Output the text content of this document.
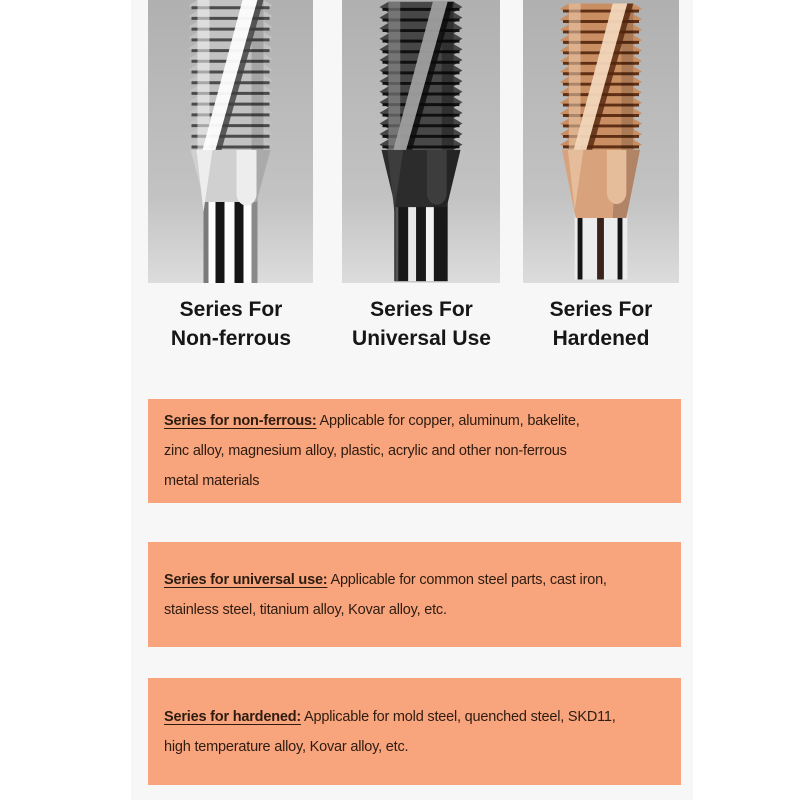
Series For
Non-ferrous
Series For
Universal Use
Series For
Hardened

Series for non-ferrous: Applicable for copper, aluminum, bakelite,

zinc alloy, magnesium alloy, plastic, acrylic and other non-ferrous

metal materials

Series for universal use: Applicable for common steel parts, cast iron,

stainless steel, titanium alloy, Kovar alloy, etc.

Series for hardened: Applicable for mold steel, quenched steel, SKD11,

high temperature alloy, Kovar alloy, etc.
